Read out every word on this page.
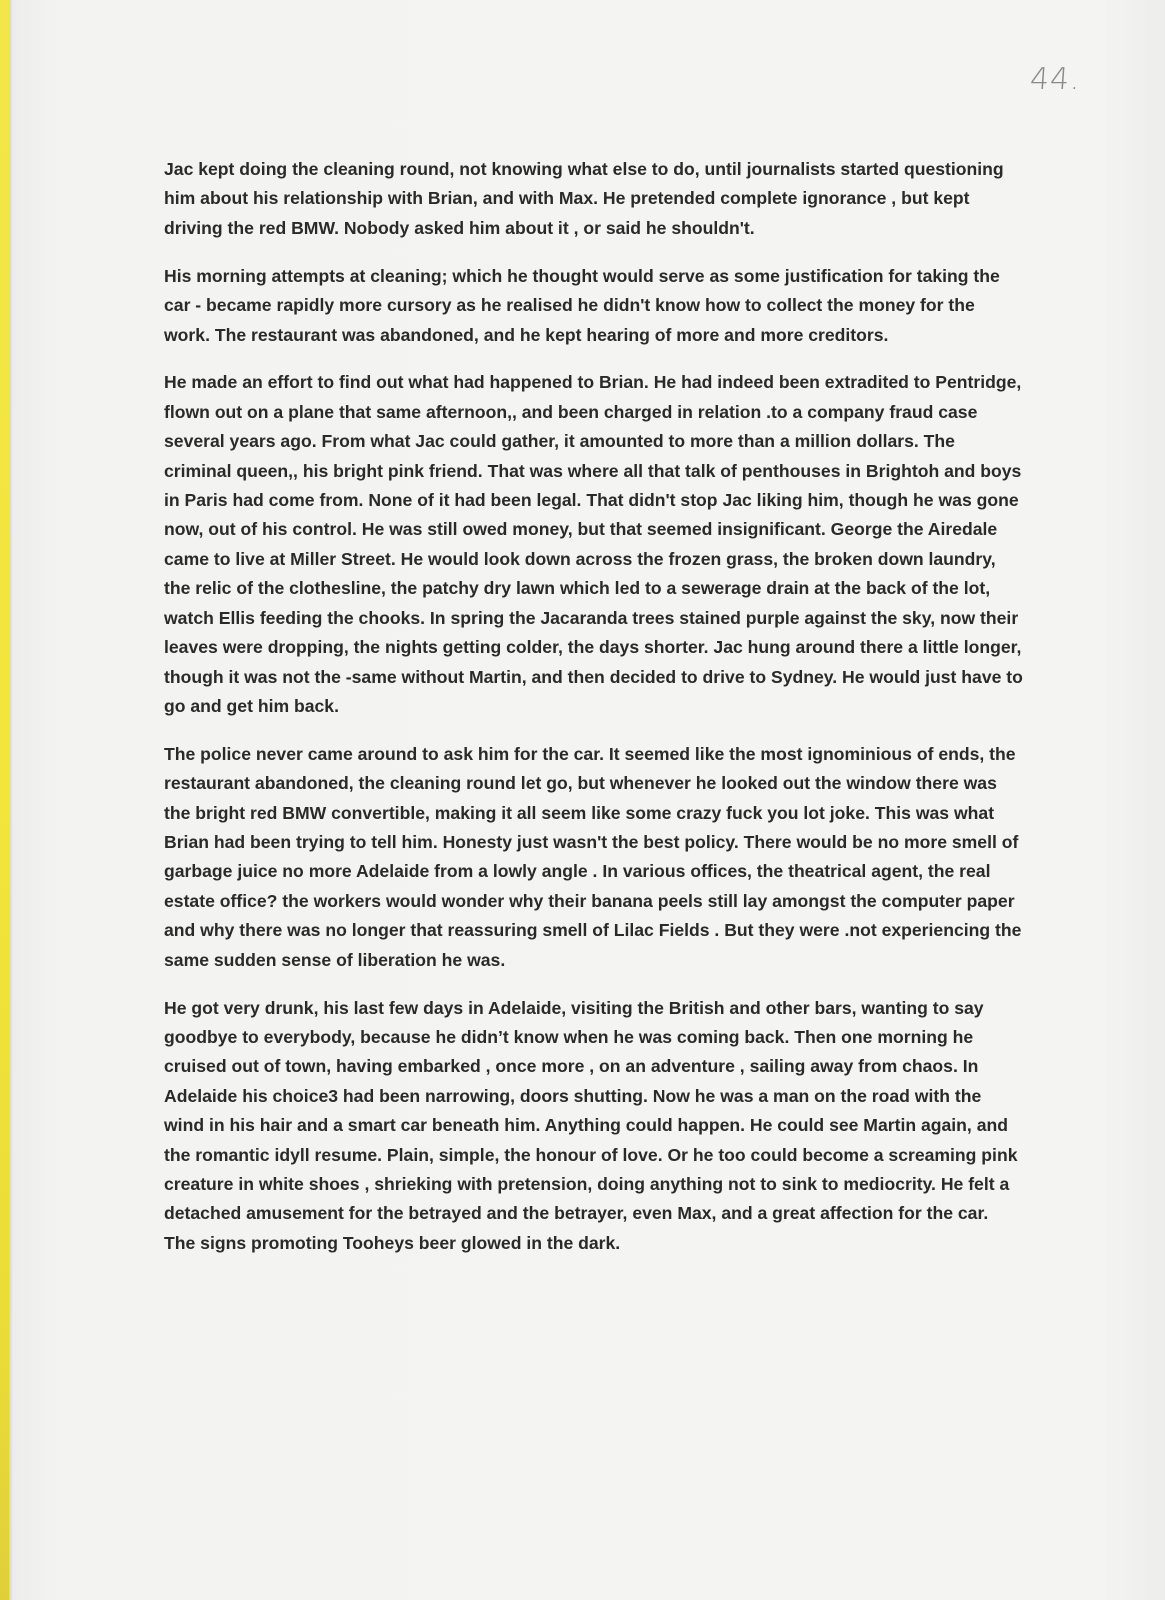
44.

Jac kept doing the cleaning round, not knowing what else to do, until journalists started questioning him about his relationship with Brian, and with Max. He pretended complete ignorance , but kept driving the red BMW. Nobody asked him about it , or said he shouldn't.

His morning attempts at cleaning; which he thought would serve as some justification for taking the car - became rapidly more cursory as he realised he didn't know how to collect the money for the work. The restaurant was abandoned, and he kept hearing of more and more creditors.

He made an effort to find out what had happened to Brian. He had indeed been extradited to Pentridge, flown out on a plane that same afternoon,, and been charged in relation .to a company fraud case several years ago. From what Jac could gather, it amounted to more than a million dollars. The criminal queen,, his bright pink friend. That was where all that talk of penthouses in Brightoh and boys in Paris had come from. None of it had been legal. That didn't stop Jac liking him, though he was gone now, out of his control. He was still owed money, but that seemed insignificant. George the Airedale came to live at Miller Street. He would look down across the frozen grass, the broken down laundry, the relic of the clothesline, the patchy dry lawn which led to a sewerage drain at the back of the lot, watch Ellis feeding the chooks. In spring the Jacaranda trees stained purple against the sky, now their leaves were dropping, the nights getting colder, the days shorter. Jac hung around there a little longer, though it was not the -same without Martin, and then decided to drive to Sydney. He would just have to go and get him back.

The police never came around to ask him for the car. It seemed like the most ignominious of ends, the restaurant abandoned, the cleaning round let go, but whenever he looked out the window there was the bright red BMW convertible, making it all seem like some crazy fuck you lot joke. This was what Brian had been trying to tell him. Honesty just wasn't the best policy. There would be no more smell of garbage juice no more Adelaide from a lowly angle . In various offices, the theatrical agent, the real estate office? the workers would wonder why their banana peels still lay amongst the computer paper and why there was no longer that reassuring smell of Lilac Fields . But they were .not experiencing the same sudden sense of liberation he was.

He got very drunk, his last few days in Adelaide, visiting the British and other bars, wanting to say goodbye to everybody, because he didn’t know when he was coming back. Then one morning he cruised out of town, having embarked , once more , on an adventure , sailing away from chaos. In Adelaide his choice3 had been narrowing, doors shutting. Now he was a man on the road with the wind in his hair and a smart car beneath him. Anything could happen. He could see Martin again, and the romantic idyll resume. Plain, simple, the honour of love. Or he too could become a screaming pink creature in white shoes , shrieking with pretension, doing anything not to sink to mediocrity. He felt a detached amusement for the betrayed and the betrayer, even Max, and a great affection for the car. The signs promoting Tooheys beer glowed in the dark.
